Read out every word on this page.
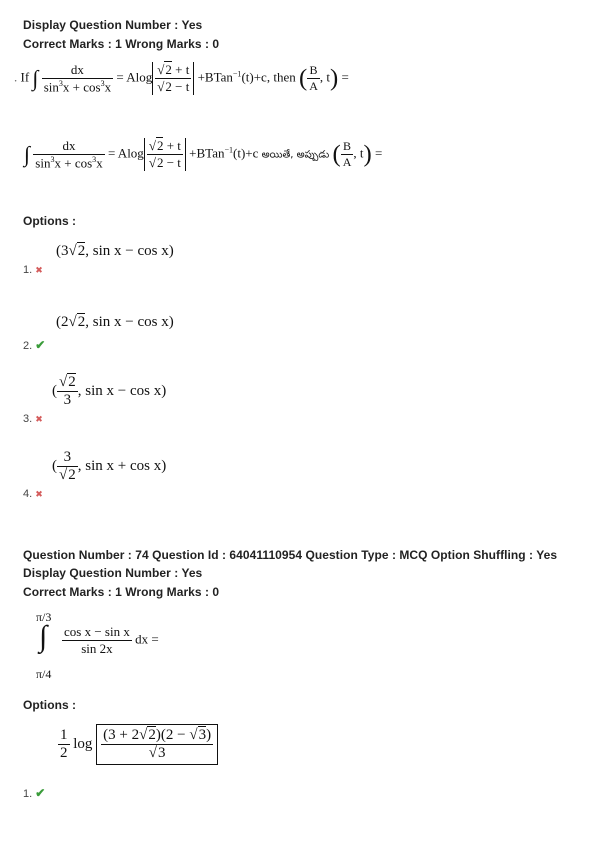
Display Question Number : Yes
Correct Marks : 1 Wrong Marks : 0
. If ∫ $\frac{dx}{\sin^3x + \cos^3x} = Alog \frac{√2 + t}{√2 - t}$ +BTan$^{-1}$(t)+c, then ( $\frac{B}{A}$ , t) =
∫ $\frac{dx}{\sin^3x + \cos^3x} = Alog \frac{√2 + t}{√2 - t}$ +BTan$^{-1}$(t)+c అయితే, అప్పుడు ( $\frac{B}{A}$ , t) =
Options :
(3√2, sin x − cos x)
1. ✖
(2√2, sin x − cos x)
2. ✔
( $\frac{√2}{3}$ , sin x − cos x)
3. ✖
( $\frac{3}{√2}$ , sin x + cos x)
4. ✖
Question Number : 74 Question Id : 64041110954 Question Type : MCQ Option Shuffling : Yes
Display Question Number : Yes
Correct Marks : 1 Wrong Marks : 0
π/3
∫
π/4
$\frac{\text{cos x − sin x}}{\sin 2x}$ dx =
Options :
$\frac{1}{2}$ $\log \frac{(3 + 2√2)(2 - √3)}{√3}$
1. ✔
